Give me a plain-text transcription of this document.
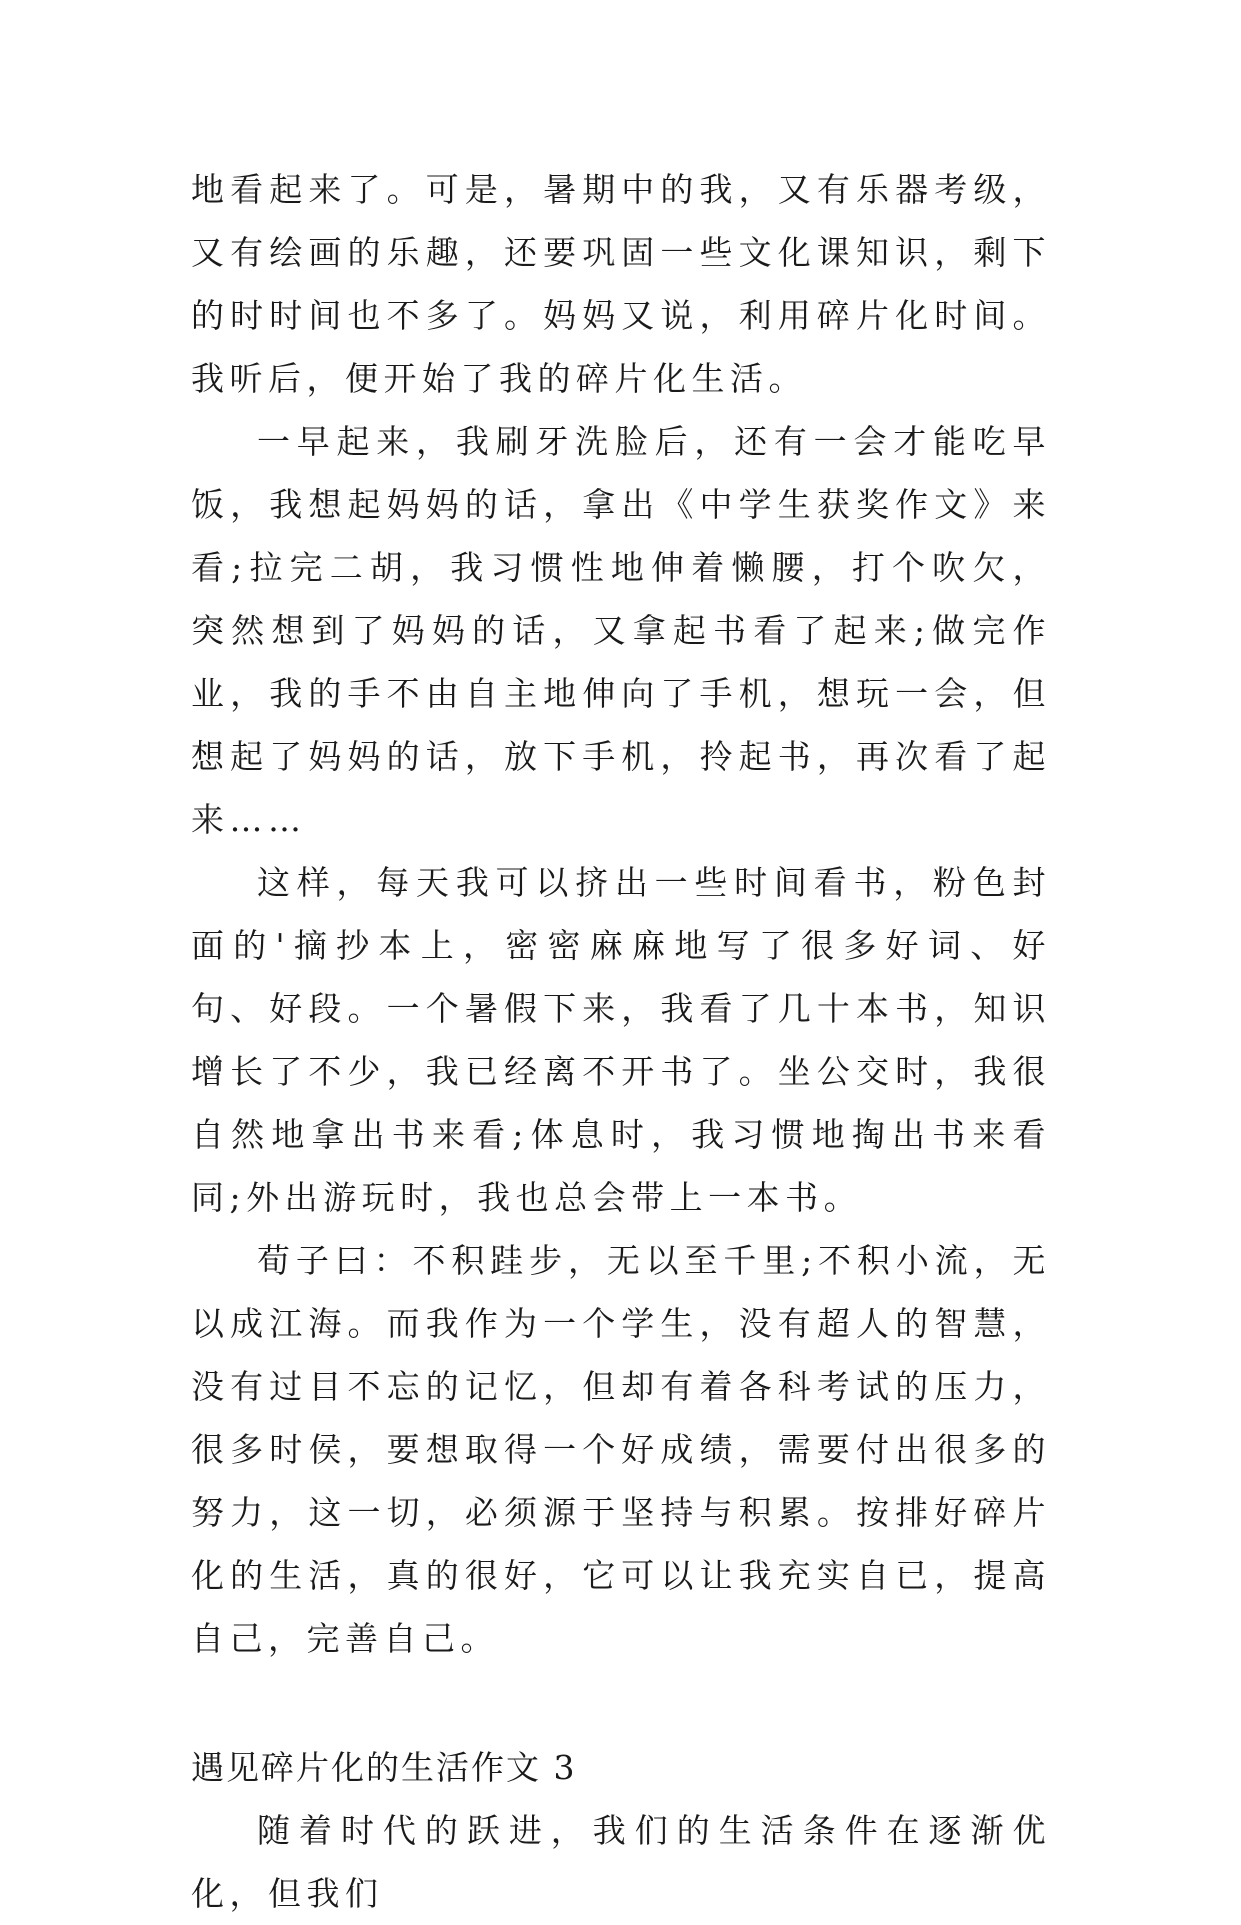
地看起来了。可是，暑期中的我，又有乐器考级，又有绘画的乐趣，还要巩固一些文化课知识，剩下的时时间也不多了。妈妈又说，利用碎片化时间。我听后，便开始了我的碎片化生活。

一早起来，我刷牙洗脸后，还有一会才能吃早饭，我想起妈妈的话，拿出《中学生获奖作文》来看;拉完二胡，我习惯性地伸着懒腰，打个吹欠，突然想到了妈妈的话，又拿起书看了起来;做完作业，我的手不由自主地伸向了手机，想玩一会，但想起了妈妈的话，放下手机，拎起书，再次看了起来……

这样，每天我可以挤出一些时间看书，粉色封面的'摘抄本上，密密麻麻地写了很多好词、好句、好段。一个暑假下来，我看了几十本书，知识增长了不少，我已经离不开书了。坐公交时，我很自然地拿出书来看;体息时，我习惯地掏出书来看同;外出游玩时，我也总会带上一本书。

荀子曰：不积跬步，无以至千里;不积小流，无以成江海。而我作为一个学生，没有超人的智慧，没有过目不忘的记忆，但却有着各科考试的压力，很多时侯，要想取得一个好成绩，需要付出很多的努力，这一切，必须源于坚持与积累。按排好碎片化的生活，真的很好，它可以让我充实自已，提高自己，完善自己。

遇见碎片化的生活作文 3

随着时代的跃进，我们的生活条件在逐渐优化，但我们
